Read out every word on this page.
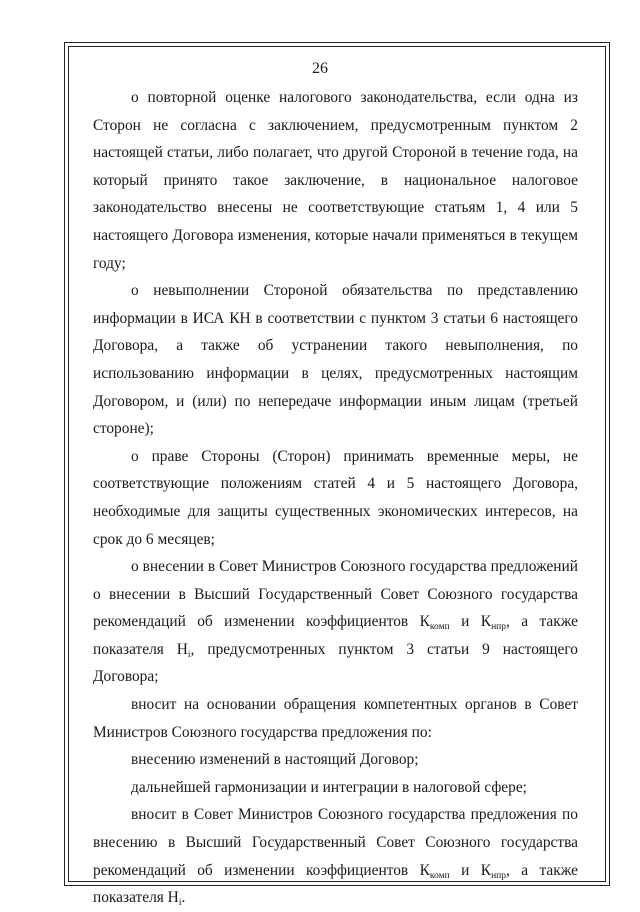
26

о повторной оценке налогового законодательства, если одна из Сторон не согласна с заключением, предусмотренным пунктом 2 настоящей статьи, либо полагает, что другой Стороной в течение года, на который принято такое заключение, в национальное налоговое законодательство внесены не соответствующие статьям 1, 4 или 5 настоящего Договора изменения, которые начали применяться в текущем году;

о невыполнении Стороной обязательства по представлению информации в ИСА КН в соответствии с пунктом 3 статьи 6 настоящего Договора, а также об устранении такого невыполнения, по использованию информации в целях, предусмотренных настоящим Договором, и (или) по непередаче информации иным лицам (третьей стороне);

о праве Стороны (Сторон) принимать временные меры, не соответствующие положениям статей 4 и 5 настоящего Договора, необходимые для защиты существенных экономических интересов, на срок до 6 месяцев;

о внесении в Совет Министров Союзного государства предложений о внесении в Высший Государственный Совет Союзного государства рекомендаций об изменении коэффициентов $К_{комп}$ и $К_{нпр}$, а также показателя $Н_i$, предусмотренных пунктом 3 статьи 9 настоящего Договора;

вносит на основании обращения компетентных органов в Совет Министров Союзного государства предложения по:

внесению изменений в настоящий Договор;

дальнейшей гармонизации и интеграции в налоговой сфере;

вносит в Совет Министров Союзного государства предложения по внесению в Высший Государственный Совет Союзного государства рекомендаций об изменении коэффициентов $К_{комп}$ и $К_{нпр}$, а также показателя $Н_i$.
